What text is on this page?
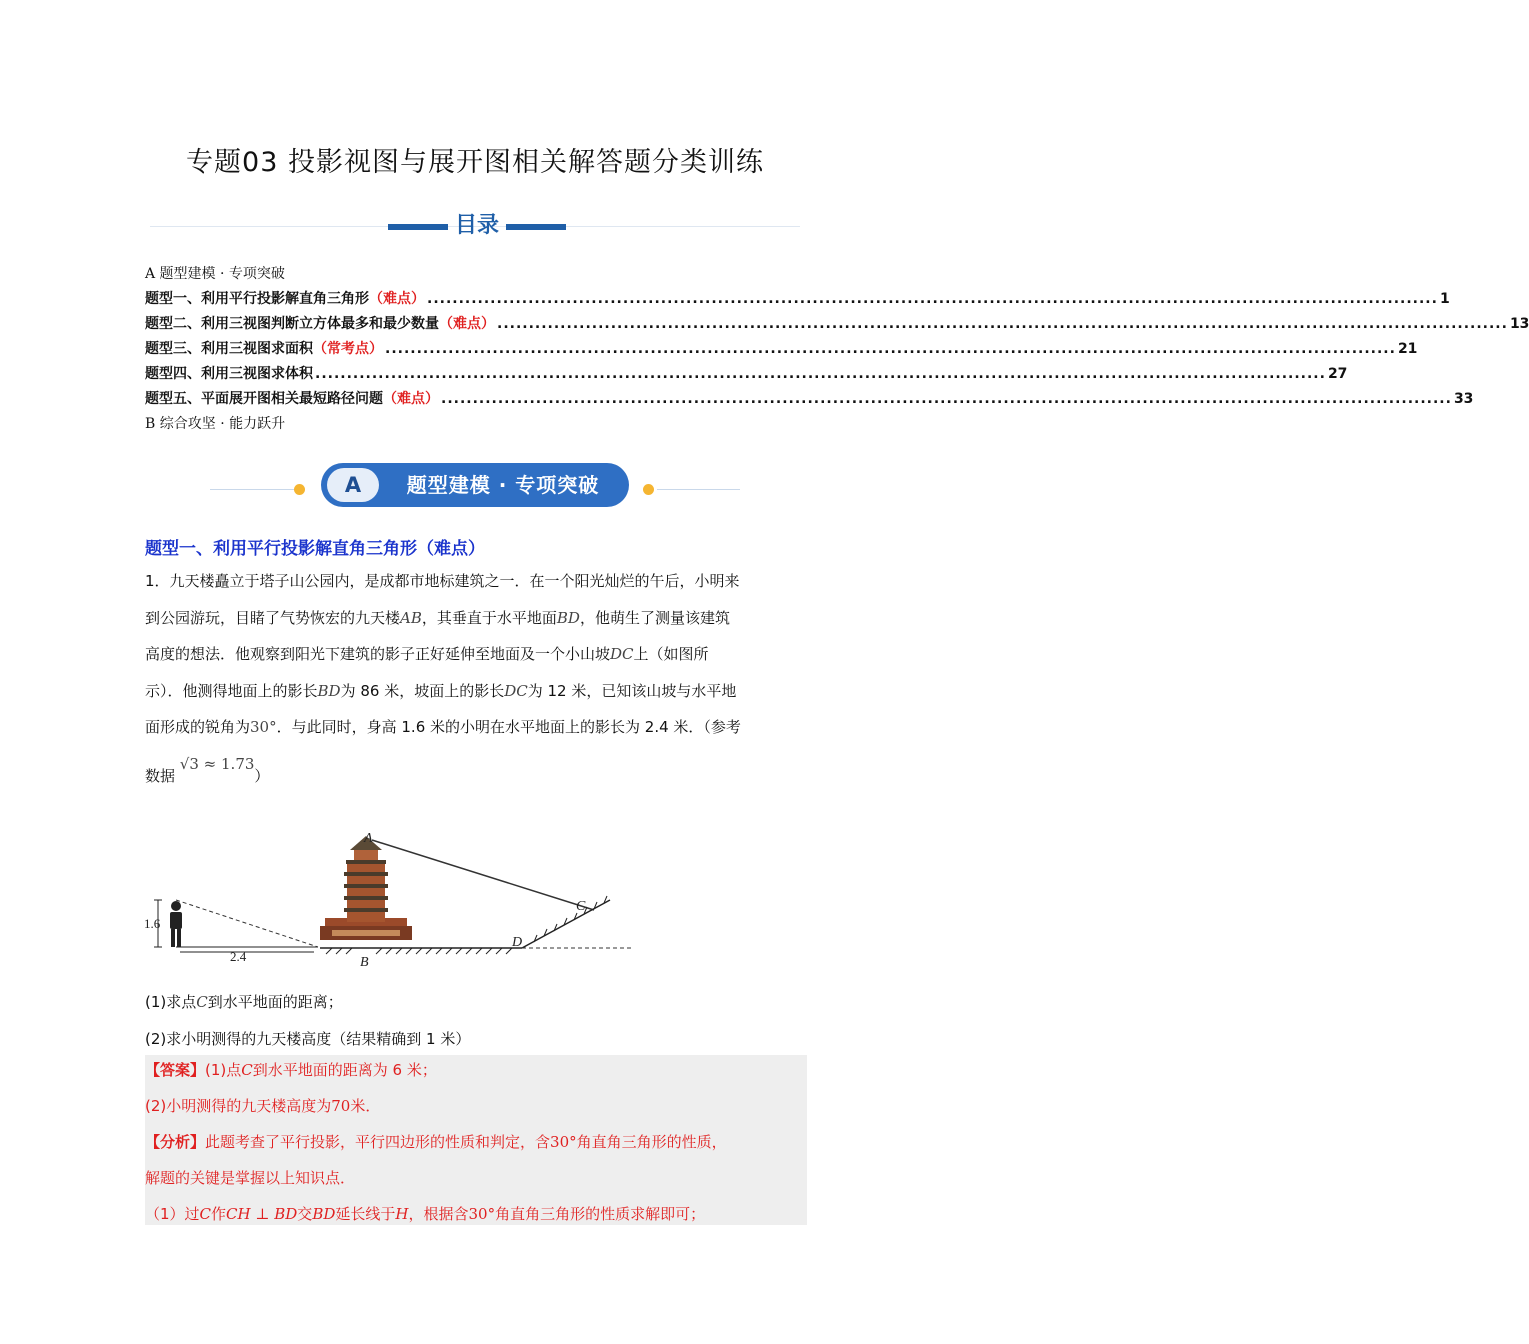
专题03 投影视图与展开图相关解答题分类训练
目录
A 题型建模 · 专项突破
题型一、利用平行投影解直角三角形 （难点） ................................................................................................................................................................ 1
题型二、利用三视图判断立方体最多和最少数量 （难点） ................................................................................................................................................................ 13
题型三、利用三视图求面积 （常考点） ................................................................................................................................................................ 21
题型四、利用三视图求体积 ................................................................................................................................................................ 27
题型五、平面展开图相关最短路径问题 （难点） ................................................................................................................................................................ 33
B 综合攻坚 · 能力跃升
A	题型建模 · 专项突破
题型一、利用平行投影解直角三角形（难点）
1．九天楼矗立于塔子山公园内，是成都市地标建筑之一．在一个阳光灿烂的午后，小明来
到公园游玩，目睹了气势恢宏的九天楼AB，其垂直于水平地面BD，他萌生了测量该建筑
高度的想法．他观察到阳光下建筑的影子正好延伸至地面及一个小山坡DC上（如图所
示）．他测得地面上的影长BD为 86 米，坡面上的影长DC为 12 米，已知该山坡与水平地
面形成的锐角为30°．与此同时，身高 1.6 米的小明在水平地面上的影长为 2.4 米．（参考
数据 √3 ≈ 1.73）
1.6
2.4
A
B
D
C
(1)求点C到水平地面的距离；
(2)求小明测得的九天楼高度（结果精确到 1 米）
【答案】(1)点C到水平地面的距离为 6 米；
(2)小明测得的九天楼高度为70米．
【分析】此题考查了平行投影，平行四边形的性质和判定，含30°角直角三角形的性质，
解题的关键是掌握以上知识点．
（1）过C作CH ⊥ BD交BD延长线于H，根据含30°角直角三角形的性质求解即可；
